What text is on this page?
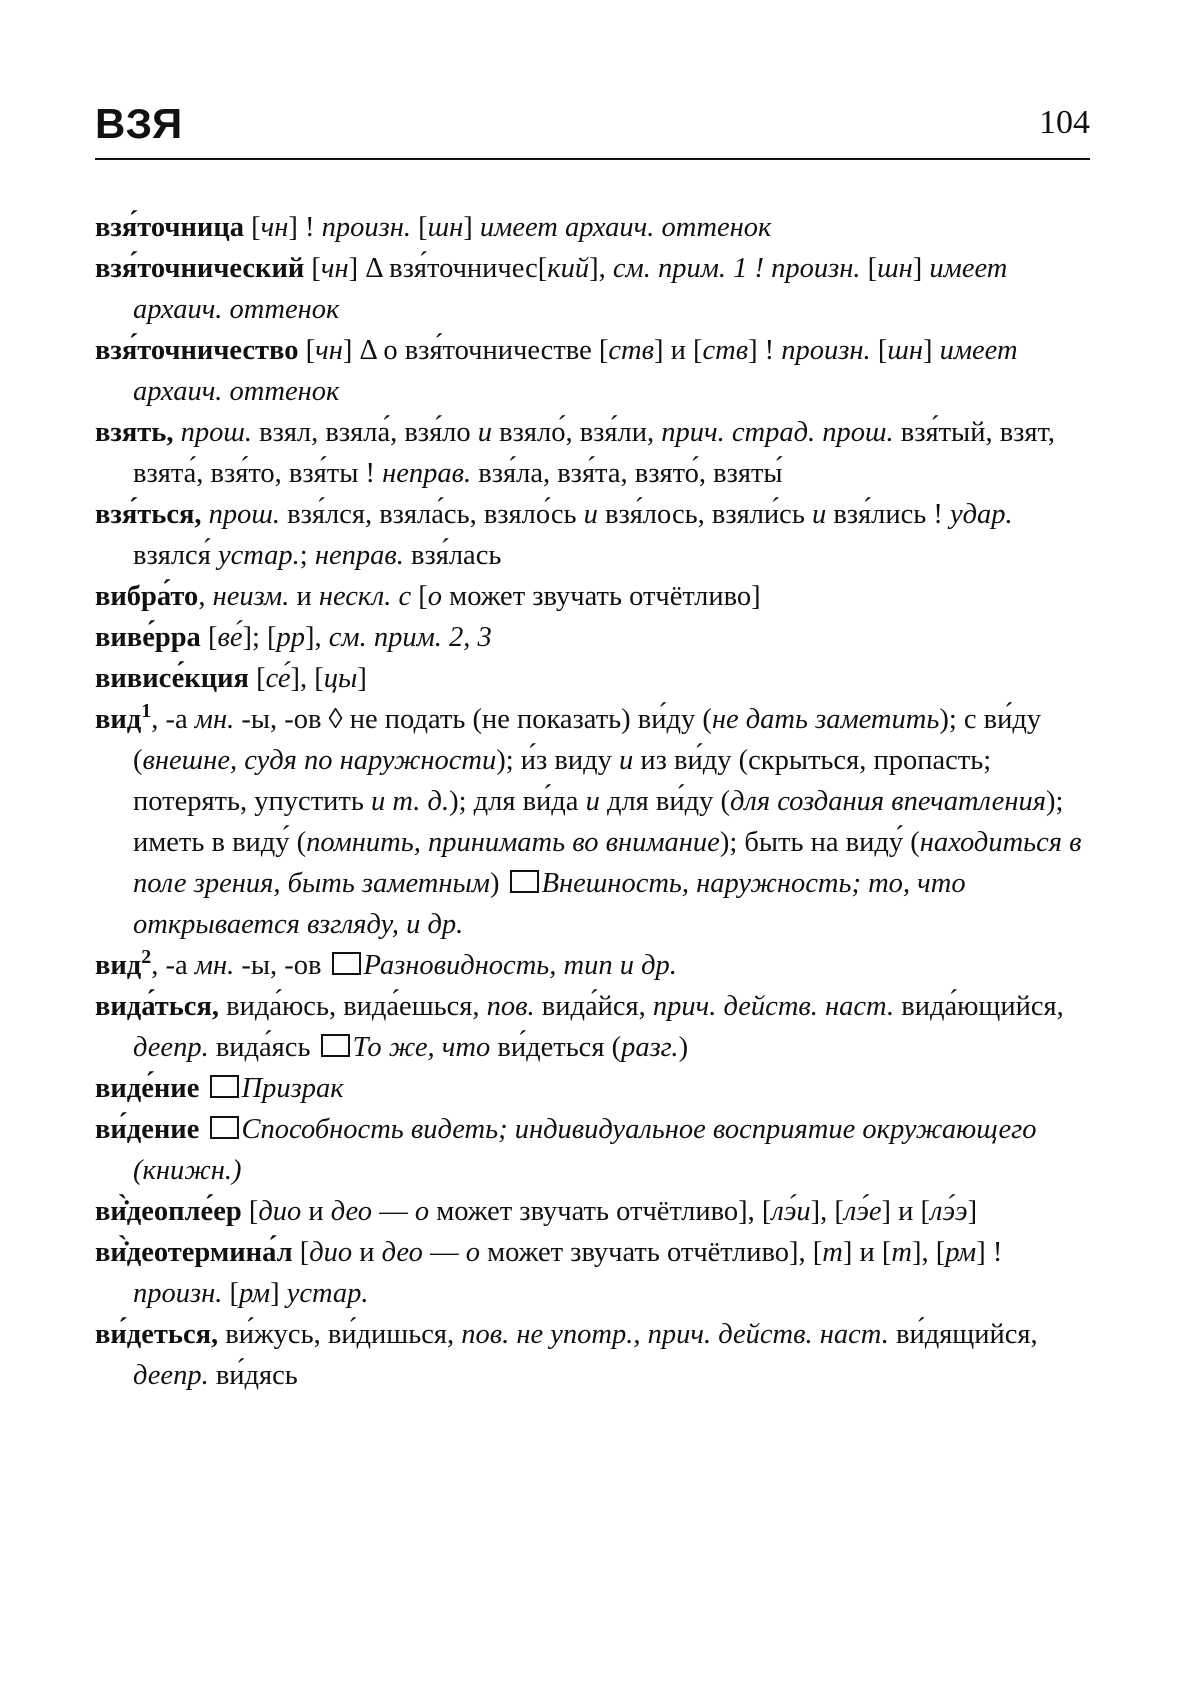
ВЗЯ	104
взя́точница [чн] ! произн. [шн] имеет архаич. оттенок
взя́точнический [чн] Δ взя́точничес[кий], см. прим. 1 ! произн. [шн] имеет архаич. оттенок
взя́точничество [чн] Δ о взя́точничестве [ств] и [ств] ! произн. [шн] имеет архаич. оттенок
взять, прош. взял, взяла́, взя́ло и взяло́, взя́ли, прич. страд. прош. взя́тый, взят, взята́, взя́то, взя́ты ! неправ. взя́ла, взя́та, взято́, взяты́
взя́ться, прош. взя́лся, взяла́сь, взяло́сь и взя́лось, взяли́сь и взя́лись ! удар. взялся́ устар.; неправ. взя́лась
вибра́то, неизм. и нескл. с [о может звучать отчётливо]
виве́рра [ве́]; [рр], см. прим. 2, 3
вивисе́кция [се́], [цы]
вид$^1$, -а мн. -ы, -ов ◊ не подать (не показать) ви́ду (не дать заметить); с ви́ду (внешне, судя по наружности); и́з виду и из ви́ду (скрыться, пропасть; потерять, упустить и т. д.); для ви́да и для ви́ду (для создания впечатления); иметь в виду́ (помнить, принимать во внимание); быть на виду́ (находиться в поле зрения, быть заметным) Внешность, наружность; то, что открывается взгляду, и др.
вид$^2$, -а мн. -ы, -ов Разновидность, тип и др.
вида́ться, вида́юсь, вида́ешься, пов. вида́йся, прич. действ. наст. вида́ющийся, деепр. вида́ясь То же, что ви́деться (разг.)
виде́ние Призрак
ви́дение Способность видеть; индивидуальное восприятие окружающего (книжн.)
ви̇̀деопле́ер [дио и део — о может звучать отчётливо], [лэ́и], [лэ́е] и [лэ́э]
ви̇̀деотермина́л [дио и део — о может звучать отчётливо], [т] и [т], [рм] ! произн. [рм] устар.
ви́деться, ви́жусь, ви́дишься, пов. не употр., прич. действ. наст. ви́дящийся, деепр. ви́дясь
